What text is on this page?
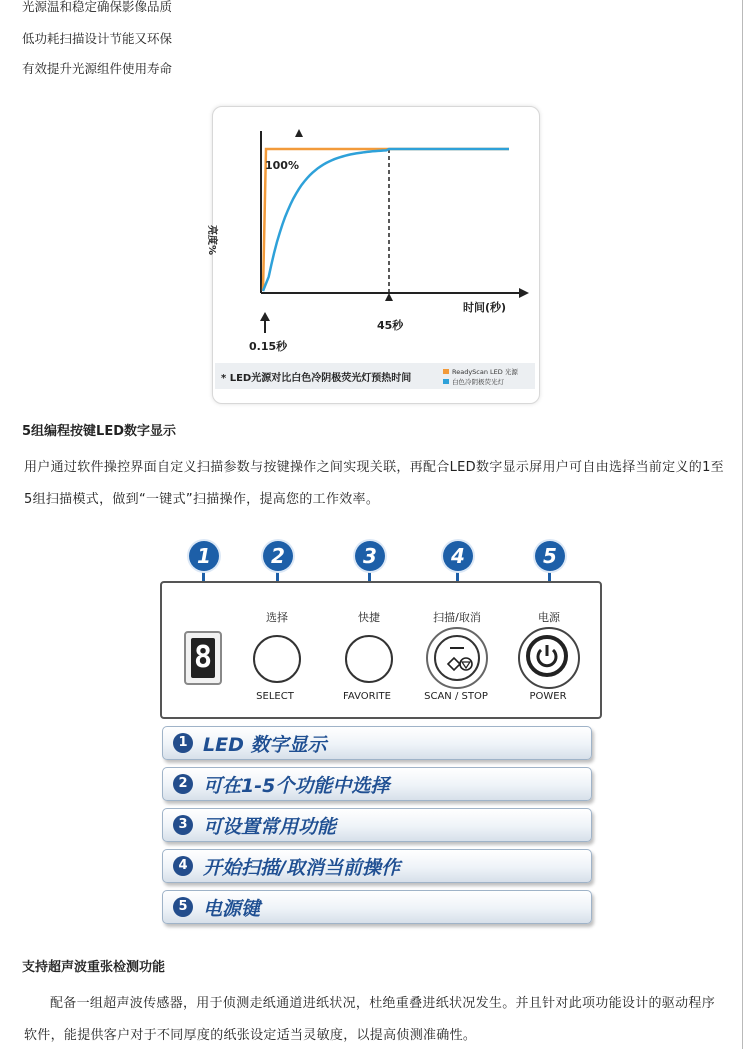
光源温和稳定确保影像品质
低功耗扫描设计节能又环保
有效提升光源组件使用寿命
100%
亮度%
时间(秒)
45秒
0.15秒
* LED光源对比白色冷阴极荧光灯预热时间
ReadyScan LED 光源
白色冷阴极荧光灯
5组编程按键LED数字显示
用户通过软件操控界面自定义扫描参数与按键操作之间实现关联，再配合LED数字显示屏用户可自由选择当前定义的1至5组扫描模式，做到“一键式”扫描操作，提高您的工作效率。
1	2	3	4	5
8
选择	快捷	扫描/取消	电源
SELECT	FAVORITE	SCAN / STOP	POWER
1 LED 数字显示
2 可在1-5个功能中选择
3 可设置常用功能
4 开始扫描/取消当前操作
5 电源键
支持超声波重张检测功能
配备一组超声波传感器，用于侦测走纸通道进纸状况，杜绝重叠进纸状况发生。并且针对此项功能设计的驱动程序软件，能提供客户对于不同厚度的纸张设定适当灵敏度，以提高侦测准确性。
